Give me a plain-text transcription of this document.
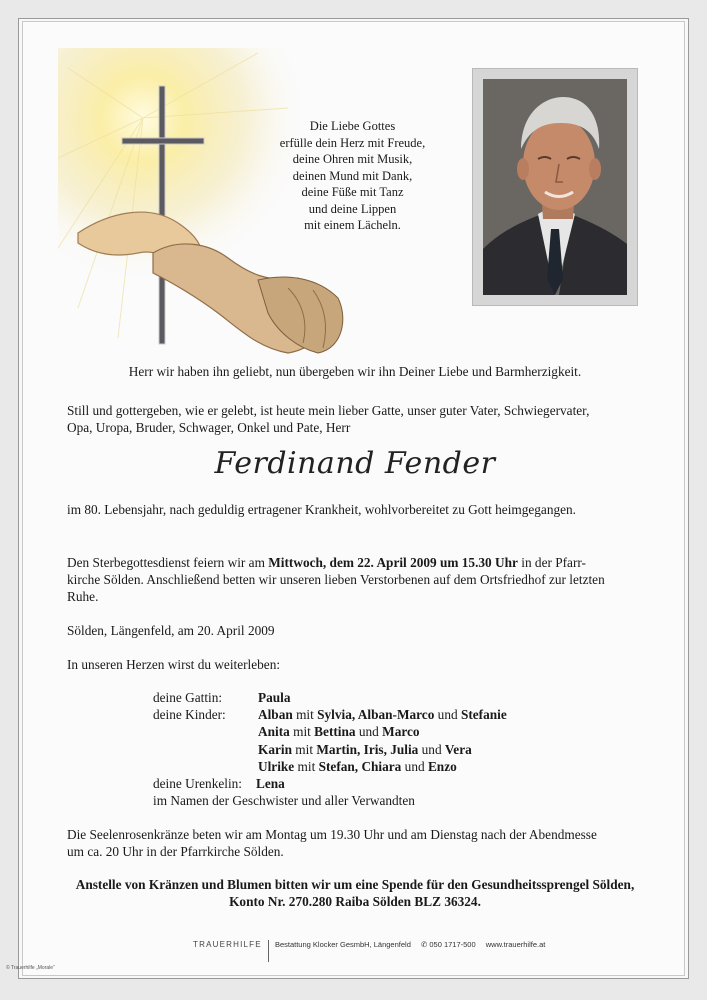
Die Liebe Gottes
erfülle dein Herz mit Freude,
deine Ohren mit Musik,
deinen Mund mit Dank,
deine Füße mit Tanz
und deine Lippen
mit einem Lächeln.
Herr wir haben ihn geliebt, nun übergeben wir ihn Deiner Liebe und Barmherzigkeit.
Still und gottergeben, wie er gelebt, ist heute mein lieber Gatte, unser guter Vater, Schwiegervater,
Opa, Uropa, Bruder, Schwager, Onkel und Pate, Herr
Ferdinand Fender
im 80. Lebensjahr, nach geduldig ertragener Krankheit, wohlvorbereitet zu Gott heimgegangen.
Den Sterbegottesdienst feiern wir am Mittwoch, dem 22. April 2009 um 15.30 Uhr in der Pfarr-
kirche Sölden. Anschließend betten wir unseren lieben Verstorbenen auf dem Ortsfriedhof zur letzten
Ruhe.
Sölden, Längenfeld, am 20. April 2009
In unseren Herzen wirst du weiterleben:
deine Gattin:	Paula
deine Kinder: Alban mit Sylvia, Alban-Marco und Stefanie
Anita mit Bettina und Marco
Karin mit Martin, Iris, Julia und Vera
Ulrike mit Stefan, Chiara und Enzo
deine Urenkelin: Lena
im Namen der Geschwister und aller Verwandten
Die Seelenrosenkränze beten wir am Montag um 19.30 Uhr und am Dienstag nach der Abendmesse
um ca. 20 Uhr in der Pfarrkirche Sölden.
Anstelle von Kränzen und Blumen bitten wir um eine Spende für den Gesundheitssprengel Sölden,
Konto Nr. 270.280 Raiba Sölden BLZ 36324.
TRAUERHILFE Bestattung Klocker GesmbH, Längenfeld ✆ 050 1717-500 www.trauerhilfe.at
© Trauerhilfe „Morale“
